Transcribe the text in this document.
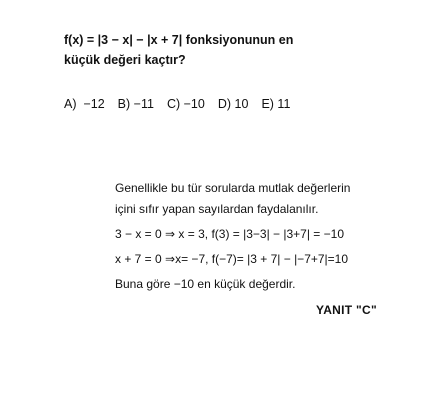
f(x) = |3 − x| − |x + 7| fonksiyonunun en
küçük değeri kaçtır?
A) −12 B) −11 C) −10 D) 10 E) 11
Genellikle bu tür sorularda mutlak değerlerin
içini sıfır yapan sayılardan faydalanılır.
3 − x = 0 ⇒ x = 3, f(3) = |3−3| − |3+7| = −10
x + 7 = 0 ⇒x= −7, f(−7)= |3 + 7| − |−7+7|=10
Buna göre −10 en küçük değerdir.
YANIT "C"
